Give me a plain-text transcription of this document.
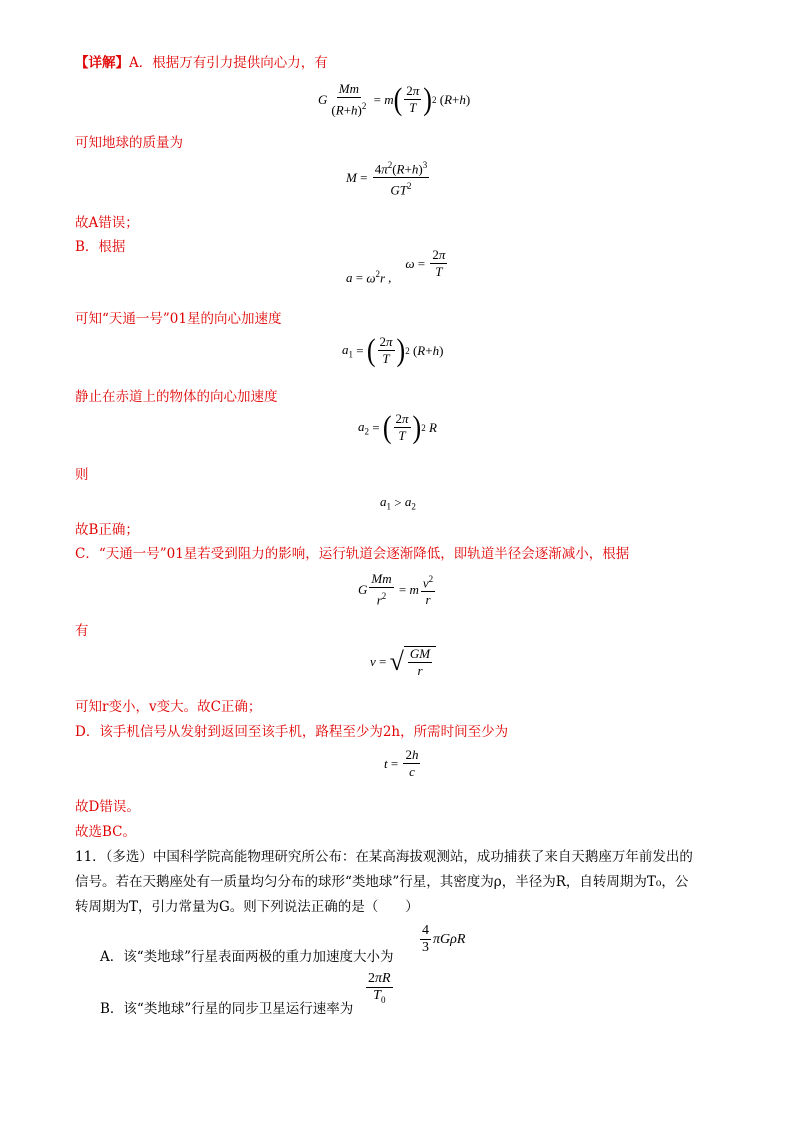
【详解】A．根据万有引力提供向心力，有
G $\frac{Mm}{(R+h)^2} = m$ ( $\frac{2\pi}{T}$ ) 2 ( R + h )
可知地球的质量为
$M = \frac{4\pi^2(R+h)^3}{GT^2}$
故A错误；
B．根据
$a = \omega^2r$ ,
$\omega = \frac{2\pi}{T}$
可知“天通一号”01星的向心加速度
$a_1$ = ( $\frac{2\pi}{T}$ ) 2 ( R + h )
静止在赤道上的物体的向心加速度
$a_2$ = ( $\frac{2\pi}{T}$ ) 2 R
则
$a_1 > a_2$
故B正确；
C．“天通一号”01星若受到阻力的影响，运行轨道会逐渐降低，即轨道半径会逐渐减小，根据
G $\frac{Mm}{r^2} = m \frac{v^2}{r}$
有
v = √ $\frac{GM}{r}$
可知r变小，v变大。故C正确；
D．该手机信号从发射到返回至该手机，路程至少为2h，所需时间至少为
$t = \frac{2h}{c}$
故D错误。
故选BC。
11．（多选）中国科学院高能物理研究所公布：在某高海拔观测站，成功捕获了来自天鹅座万年前发出的
信号。若在天鹅座处有一质量均匀分布的球形“类地球”行星，其密度为ρ，半径为R，自转周期为T₀，公
转周期为T，引力常量为G。则下列说法正确的是（　　）
A．该“类地球”行星表面两极的重力加速度大小为
$\frac{4}{3}$ π G ρ R
B．该“类地球”行星的同步卫星运行速率为
$\frac{2\pi R}{T_0}$
